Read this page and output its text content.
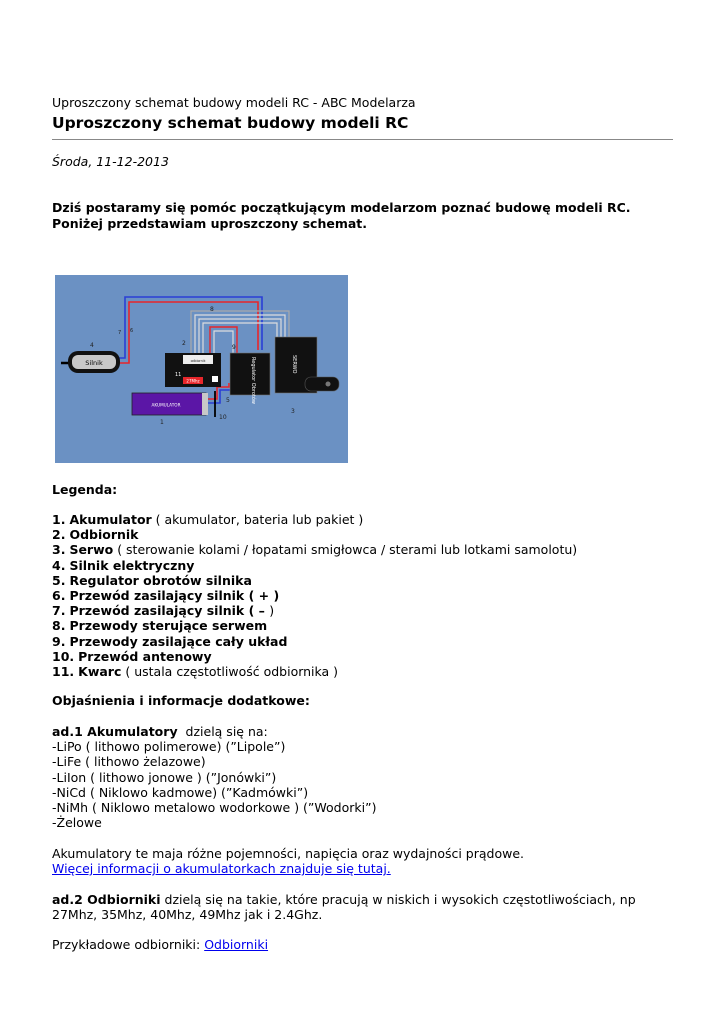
Uproszczony schemat budowy modeli RC - ABC Modelarza
Uproszczony schemat budowy modeli RC
Środa, 11-12-2013
Dziś postaramy się pomóc początkującym modelarzom poznać budowę modeli RC.
Poniżej przedstawiam uproszczony schemat.
Silnik	odbiornik
27Mhz	Regulator Obrotów	SERWO
AKUMULATOR
1
2
3
4
5
6
7
8
9
10
11
Legenda:

1. Akumulator ( akumulator, bateria lub pakiet )

2. Odbiornik

3. Serwo ( sterowanie kolami / łopatami smigłowca / sterami lub lotkami samolotu)

4. Silnik elektryczny

5. Regulator obrotów silnika

6. Przewód zasilający silnik ( + )

7. Przewód zasilający silnik ( – )

8. Przewody sterujące serwem

9. Przewody zasilające cały układ

10. Przewód antenowy

11. Kwarc ( ustala częstotliwość odbiornika )

Objaśnienia i informacje dodatkowe:

ad.1 Akumulatory  dzielą się na:

-LiPo ( lithowo polimerowe) (”Lipole”)

-LiFe ( lithowo żelazowe)

-LiIon ( lithowo jonowe ) (”Jonówki”)

-NiCd ( Niklowo kadmowe) (”Kadmówki”)

-NiMh ( Niklowo metalowo wodorkowe ) (”Wodorki”)

-Żelowe

Akumulatory te maja różne pojemności, napięcia oraz wydajności prądowe.

Więcej informacji o akumulatorkach znajduje się tutaj.

ad.2 Odbiorniki dzielą się na takie, które pracują w niskich i wysokich częstotliwościach, np

27Mhz, 35Mhz, 40Mhz, 49Mhz jak i 2.4Ghz.

Przykładowe odbiorniki: Odbiorniki
